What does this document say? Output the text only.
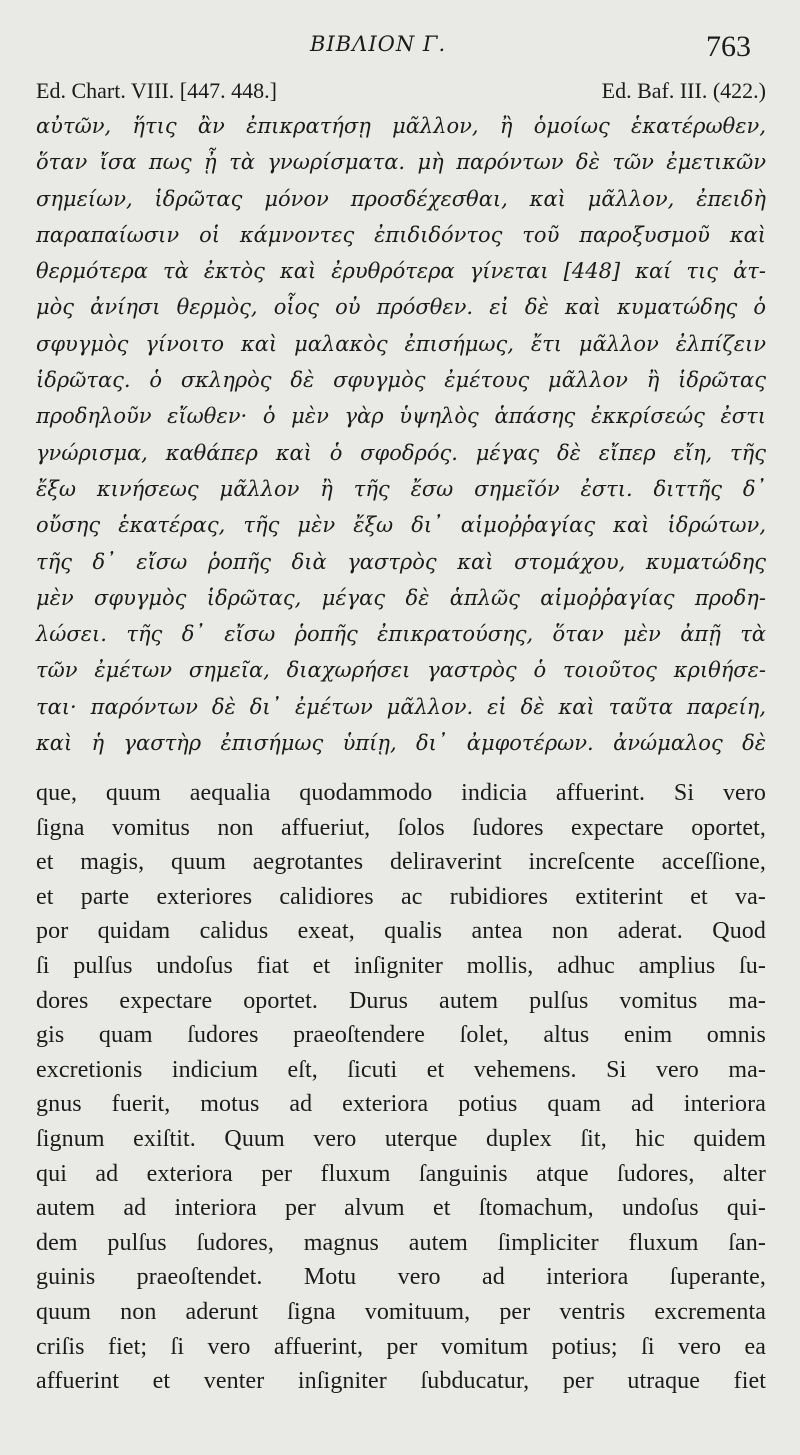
ΒΙΒΛΙΟΝ Γ.	763
Ed. Chart. VIII. [447. 448.]	Ed. Baf. III. (422.)
αὐτῶν, ἥτις ἂν ἐπικρατήσῃ μᾶλλον, ἢ ὁμοίως ἑκατέρωθεν,
ὅταν ἴσα πως ᾖ τὰ γνωρίσματα. μὴ παρόντων δὲ τῶν ἐμετικῶν
σημείων, ἱδρῶτας μόνον προσδέχεσθαι, καὶ μᾶλλον, ἐπειδὴ
παραπαίωσιν οἱ κάμνοντες ἐπιδιδόντος τοῦ παροξυσμοῦ καὶ
θερμότερα τὰ ἐκτὸς καὶ ἐρυθρότερα γίνεται [448] καί τις ἀτ-
μὸς ἀνίησι θερμὸς, οἷος οὐ πρόσθεν. εἰ δὲ καὶ κυματώδης ὁ
σφυγμὸς γίνοιτο καὶ μαλακὸς ἐπισήμως, ἔτι μᾶλλον ἐλπίζειν
ἱδρῶτας. ὁ σκληρὸς δὲ σφυγμὸς ἐμέτους μᾶλλον ἢ ἱδρῶτας
προδηλοῦν εἴωθεν· ὁ μὲν γὰρ ὑψηλὸς ἁπάσης ἐκκρίσεώς ἐστι
γνώρισμα, καθάπερ καὶ ὁ σφοδρός. μέγας δὲ εἴπερ εἴη, τῆς
ἔξω κινήσεως μᾶλλον ἢ τῆς ἔσω σημεῖόν ἐστι. διττῆς δ᾽
οὔσης ἑκατέρας, τῆς μὲν ἔξω δι᾽ αἱμοῤῥαγίας καὶ ἱδρώτων,
τῆς δ᾽ εἴσω ῥοπῆς διὰ γαστρὸς καὶ στομάχου, κυματώδης
μὲν σφυγμὸς ἱδρῶτας, μέγας δὲ ἁπλῶς αἱμοῤῥαγίας προδη-
λώσει. τῆς δ᾽ εἴσω ῥοπῆς ἐπικρατούσης, ὅταν μὲν ἀπῇ τὰ
τῶν ἐμέτων σημεῖα, διαχωρήσει γαστρὸς ὁ τοιοῦτος κριθήσε-
ται· παρόντων δὲ δι᾽ ἐμέτων μᾶλλον. εἰ δὲ καὶ ταῦτα παρείη,
καὶ ἡ γαστὴρ ἐπισήμως ὑπίῃ, δι᾽ ἀμφοτέρων. ἀνώμαλος δὲ
que, quum aequalia quodammodo indicia affuerint. Si vero
ſigna vomitus non affueriut, ſolos ſudores expectare oportet,
et magis, quum aegrotantes deliraverint increſcente acceſſione,
et parte exteriores calidiores ac rubidiores extiterint et va-
por quidam calidus exeat, qualis antea non aderat. Quod
ſi pulſus undoſus fiat et inſigniter mollis, adhuc amplius ſu-
dores expectare oportet. Durus autem pulſus vomitus ma-
gis quam ſudores praeoſtendere ſolet, altus enim omnis
excretionis indicium eſt, ſicuti et vehemens. Si vero ma-
gnus fuerit, motus ad exteriora potius quam ad interiora
ſignum exiſtit. Quum vero uterque duplex ſit, hic quidem
qui ad exteriora per fluxum ſanguinis atque ſudores, alter
autem ad interiora per alvum et ſtomachum, undoſus qui-
dem pulſus ſudores, magnus autem ſimpliciter fluxum ſan-
guinis praeoſtendet. Motu vero ad interiora ſuperante,
quum non aderunt ſigna vomituum, per ventris excrementa
criſis fiet; ſi vero affuerint, per vomitum potius; ſi vero ea
affuerint et venter inſigniter ſubducatur, per utraque fiet
